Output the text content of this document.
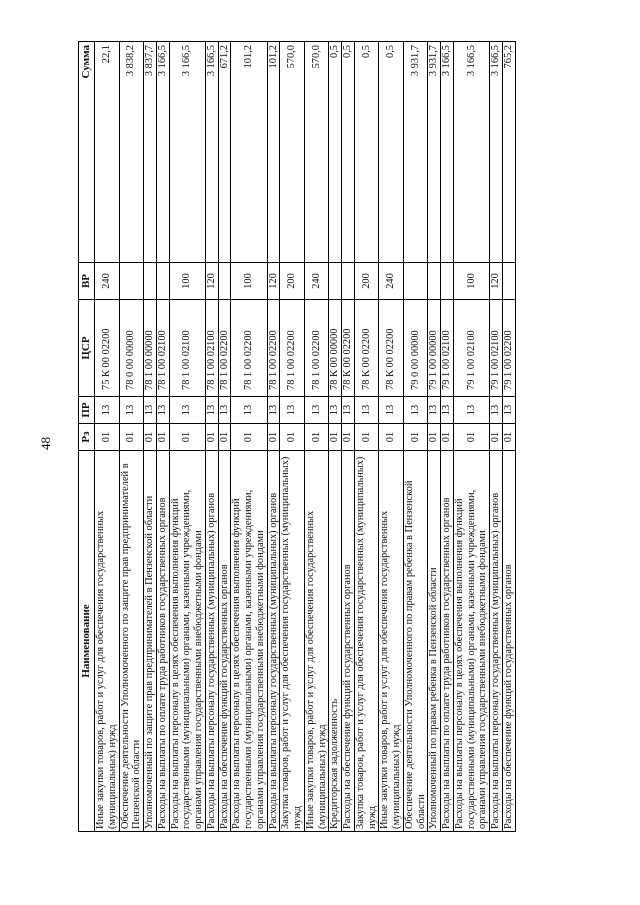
48
Наименование	Рз	ПР	ЦСР	ВР	Сумма
Иные закупки товаров, работ и услуг для обеспечения государственных (муниципальных) нужд	01	13	75 К 00 02200	240	22,1
Обеспечение деятельности Уполномоченного по защите прав предпринимателей в Пензенской области	01	13	78 0 00 00000		3 838,2
Уполномоченный по защите прав предпринимателей в Пензенской области	01	13	78 1 00 00000		3 837,7
Расходы на выплаты по оплате труда работников государственных органов	01	13	78 1 00 02100		3 166,5
Расходы на выплаты персоналу в целях обеспечения выполнения функций государственными (муниципальными) органами, казенными учреждениями, органами управления государственными внебюджетными фондами	01	13	78 1 00 02100	100	3 166,5
Расходы на выплаты персоналу государственных (муниципальных) органов	01	13	78 1 00 02100	120	3 166,5
Расходы на обеспечение функций государственных органов	01	13	78 1 00 02200		671,2
Расходы на выплаты персоналу в целях обеспечения выполнения функций государственными (муниципальными) органами, казенными учреждениями, органами управления государственными внебюджетными фондами	01	13	78 1 00 02200	100	101,2
Расходы на выплаты персоналу государственных (муниципальных) органов	01	13	78 1 00 02200	120	101,2
Закупка товаров, работ и услуг для обеспечения государственных (муниципальных) нужд	01	13	78 1 00 02200	200	570,0
Иные закупки товаров, работ и услуг для обеспечения государственных (муниципальных) нужд	01	13	78 1 00 02200	240	570,0
Кредиторская задолженность	01	13	78 К 00 00000		0,5
Расходы на обеспечение функций государственных органов	01	13	78 К 00 02200		0,5
Закупка товаров, работ и услуг для обеспечения государственных (муниципальных) нужд	01	13	78 К 00 02200	200	0,5
Иные закупки товаров, работ и услуг для обеспечения государственных (муниципальных) нужд	01	13	78 К 00 02200	240	0,5
Обеспечение деятельности Уполномоченного по правам ребенка в Пензенской области	01	13	79 0 00 00000		3 931,7
Уполномоченный по правам ребенка в Пензенской области	01	13	79 1 00 00000		3 931,7
Расходы на выплаты по оплате труда работников государственных органов	01	13	79 1 00 02100		3 166,5
Расходы на выплаты персоналу в целях обеспечения выполнения функций государственными (муниципальными) органами, казенными учреждениями, органами управления государственными внебюджетными фондами	01	13	79 1 00 02100	100	3 166,5
Расходы на выплаты персоналу государственных (муниципальных) органов	01	13	79 1 00 02100	120	3 166,5
Расходы на обеспечение функций государственных органов	01	13	79 1 00 02200		765,2
